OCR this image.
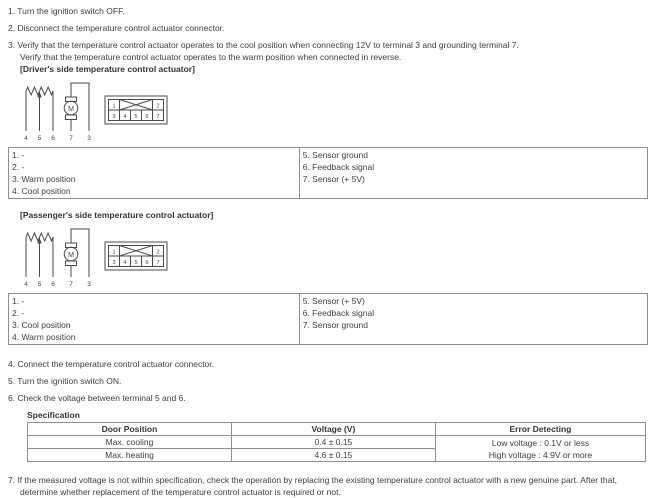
1. Turn the ignition switch OFF.
2. Disconnect the temperature control actuator connector.
3. Verify that the temperature control actuator operates to the cool position when connecting 12V to terminal 3 and grounding terminal 7.
Verify that the temperature control actuator operates to the warm position when connected in reverse.
[Driver's side temperature control actuator]
M
4 5 6 7 3
1	2
3 4 5 6 7
1. -
2. -
3. Warm position
4. Cool position

5. Sensor ground
6. Feedback signal
7. Sensor (+ 5V)
[Passenger's side temperature control actuator]
M
4 5 6 7 3
1	2
3 4 5 6 7
1. -
2. -
3. Cool position
4. Warm position

5. Sensor (+ 5V)
6. Feedback signal
7. Sensor ground
4. Connect the temperature control actuator connector.
5. Turn the ignition switch ON.
6. Check the voltage between terminal 5 and 6.
Specification
Door Position	Voltage (V)	Error Detecting
Max. cooling	0.4 ± 0.15	Low voltage : 0.1V or less
High voltage : 4.9V or more

Max. heating	4.6 ± 0.15	
7. If the measured voltage is not within specification, check the operation by replacing the existing temperature control actuator with a new genuine part. After that, determine whether replacement of the temperature control actuator is required or not.
